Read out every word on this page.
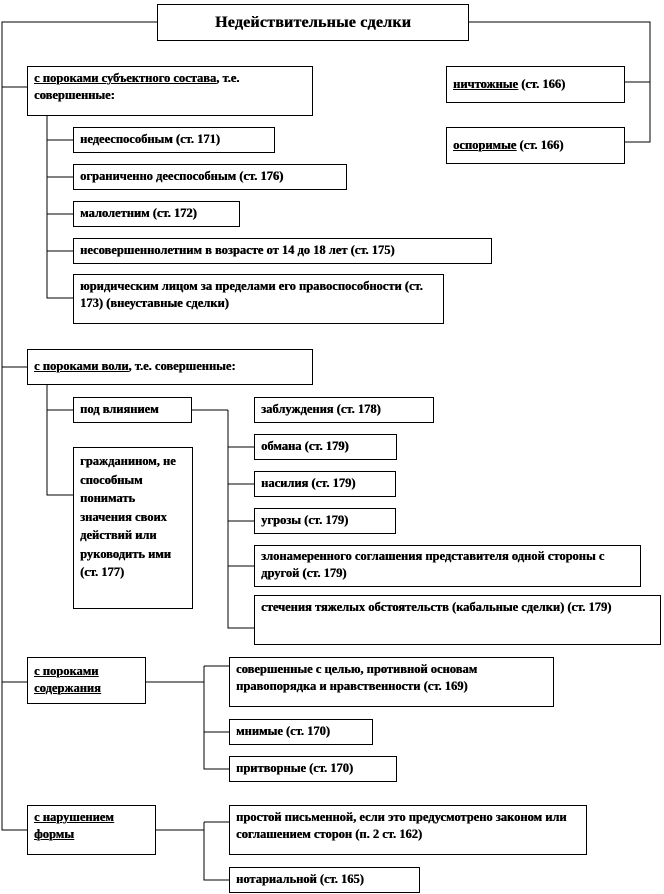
Недействительные сделки
ничтожные (ст. 166)
оспоримые (ст. 166)
с пороками субъектного состава, т.е. совершенные:
недееспособным (ст. 171)
ограниченно дееспособным (ст. 176)
малолетним (ст. 172)
несовершеннолетним в возрасте от 14 до 18 лет (ст. 175)
юридическим лицом за пределами его правоспособности (ст. 173) (внеуставные сделки)
с пороками воли, т.е. совершенные:
под влиянием
гражданином, не способным понимать значения своих действий или руководить ими (ст. 177)
заблуждения (ст. 178)
обмана (ст. 179)
насилия (ст. 179)
угрозы (ст. 179)
злонамеренного соглашения представителя одной стороны с другой (ст. 179)
стечения тяжелых обстоятельств (кабальные сделки) (ст. 179)
с пороками содержания
совершенные с целью, противной основам правопорядка и нравственности (ст. 169)
мнимые (ст. 170)
притворные (ст. 170)
с нарушением формы
простой письменной, если это предусмотрено законом или соглашением сторон (п. 2 ст. 162)
нотариальной (ст. 165)
